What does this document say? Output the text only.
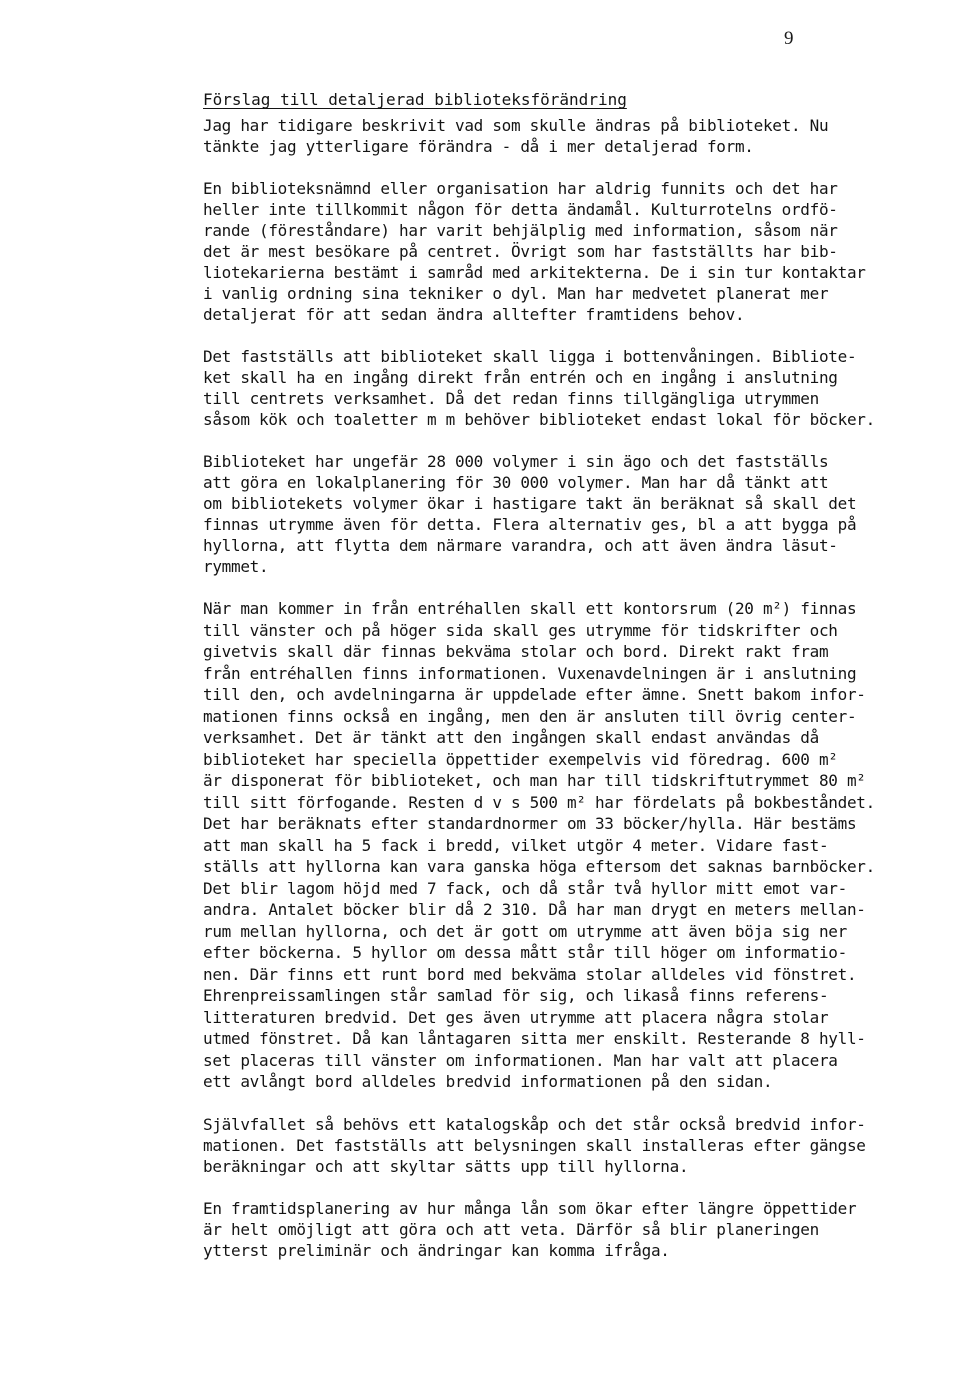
9
Förslag till detaljerad biblioteksförändring
Jag har tidigare beskrivit vad som skulle ändras på biblioteket. Nu
tänkte jag ytterligare förändra - då i mer detaljerad form.
En biblioteksnämnd eller organisation har aldrig funnits och det har
heller inte tillkommit någon för detta ändamål. Kulturrotelns ordfö-
rande (föreståndare) har varit behjälplig med information, såsom när
det är mest besökare på centret. Övrigt som har fastställts har bib-
liotekarierna bestämt i samråd med arkitekterna. De i sin tur kontaktar
i vanlig ordning sina tekniker o dyl. Man har medvetet planerat mer
detaljerat för att sedan ändra alltefter framtidens behov.
Det fastställs att biblioteket skall ligga i bottenvåningen. Bibliote-
ket skall ha en ingång direkt från entrén och en ingång i anslutning
till centrets verksamhet. Då det redan finns tillgängliga utrymmen
såsom kök och toaletter m m behöver biblioteket endast lokal för böcker.
Biblioteket har ungefär 28 000 volymer i sin ägo och det fastställs
att göra en lokalplanering för 30 000 volymer. Man har då tänkt att
om bibliotekets volymer ökar i hastigare takt än beräknat så skall det
finnas utrymme även för detta. Flera alternativ ges, bl a att bygga på
hyllorna, att flytta dem närmare varandra, och att även ändra läsut-
rymmet.
När man kommer in från entréhallen skall ett kontorsrum (20 m²) finnas
till vänster och på höger sida skall ges utrymme för tidskrifter och
givetvis skall där finnas bekväma stolar och bord. Direkt rakt fram
från entréhallen finns informationen. Vuxenavdelningen är i anslutning
till den, och avdelningarna är uppdelade efter ämne. Snett bakom infor-
mationen finns också en ingång, men den är ansluten till övrig center-
verksamhet. Det är tänkt att den ingången skall endast användas då
biblioteket har speciella öppettider exempelvis vid föredrag. 600 m²
är disponerat för biblioteket, och man har till tidskriftutrymmet 80 m²
till sitt förfogande. Resten d v s 500 m² har fördelats på bokbeståndet.
Det har beräknats efter standardnormer om 33 böcker/hylla. Här bestäms
att man skall ha 5 fack i bredd, vilket utgör 4 meter. Vidare fast-
ställs att hyllorna kan vara ganska höga eftersom det saknas barnböcker.
Det blir lagom höjd med 7 fack, och då står två hyllor mitt emot var-
andra. Antalet böcker blir då 2 310. Då har man drygt en meters mellan-
rum mellan hyllorna, och det är gott om utrymme att även böja sig ner
efter böckerna. 5 hyllor om dessa mått står till höger om informatio-
nen. Där finns ett runt bord med bekväma stolar alldeles vid fönstret.
Ehrenpreissamlingen står samlad för sig, och likaså finns referens-
litteraturen bredvid. Det ges även utrymme att placera några stolar
utmed fönstret. Då kan låntagaren sitta mer enskilt. Resterande 8 hyll-
set placeras till vänster om informationen. Man har valt att placera
ett avlångt bord alldeles bredvid informationen på den sidan.
Självfallet så behövs ett katalogskåp och det står också bredvid infor-
mationen. Det fastställs att belysningen skall installeras efter gängse
beräkningar och att skyltar sätts upp till hyllorna.
En framtidsplanering av hur många lån som ökar efter längre öppettider
är helt omöjligt att göra och att veta. Därför så blir planeringen
ytterst preliminär och ändringar kan komma ifråga.
